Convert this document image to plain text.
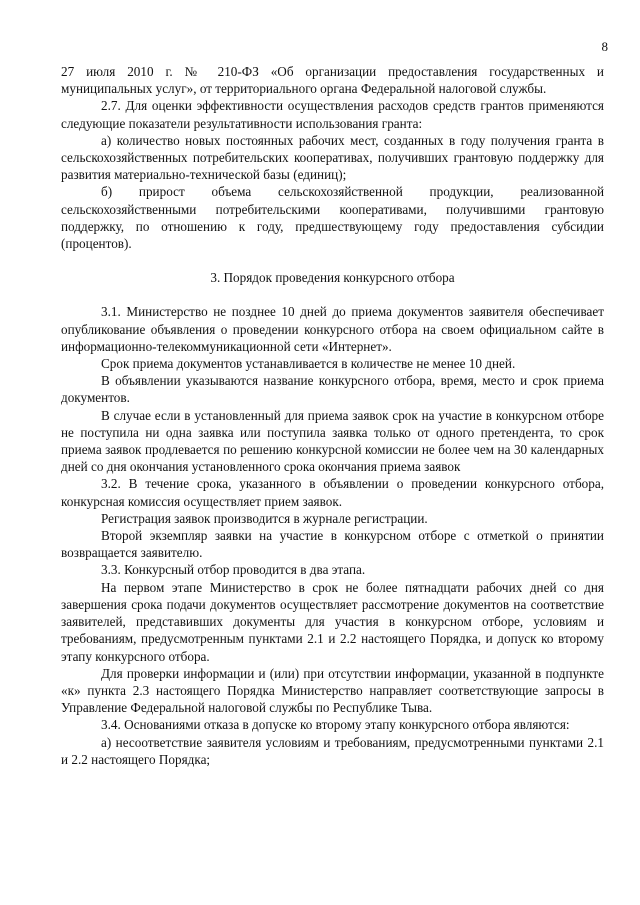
8

27 июля 2010 г. № 210-ФЗ «Об организации предоставления государственных и муниципальных услуг», от территориального органа Федеральной налоговой службы.

2.7. Для оценки эффективности осуществления расходов средств грантов применяются следующие показатели результативности использования гранта:

а) количество новых постоянных рабочих мест, созданных в году получения гранта в сельскохозяйственных потребительских кооперативах, получивших грантовую поддержку для развития материально-технической базы (единиц);

б) прирост объема сельскохозяйственной продукции, реализованной сельскохозяйственными потребительскими кооперативами, получившими грантовую поддержку, по отношению к году, предшествующему году предоставления субсидии (процентов).

3. Порядок проведения конкурсного отбора

3.1. Министерство не позднее 10 дней до приема документов заявителя обеспечивает опубликование объявления о проведении конкурсного отбора на своем официальном сайте в информационно-телекоммуникационной сети «Интернет».

Срок приема документов устанавливается в количестве не менее 10 дней.

В объявлении указываются название конкурсного отбора, время, место и срок приема документов.

В случае если в установленный для приема заявок срок на участие в конкурсном отборе не поступила ни одна заявка или поступила заявка только от одного претендента, то срок приема заявок продлевается по решению конкурсной комиссии не более чем на 30 календарных дней со дня окончания установленного срока окончания приема заявок

3.2. В течение срока, указанного в объявлении о проведении конкурсного отбора, конкурсная комиссия осуществляет прием заявок.

Регистрация заявок производится в журнале регистрации.

Второй экземпляр заявки на участие в конкурсном отборе с отметкой о принятии возвращается заявителю.

3.3. Конкурсный отбор проводится в два этапа.

На первом этапе Министерство в срок не более пятнадцати рабочих дней со дня завершения срока подачи документов осуществляет рассмотрение документов на соответствие заявителей, представивших документы для участия в конкурсном отборе, условиям и требованиям, предусмотренным пунктами 2.1 и 2.2 настоящего Порядка, и допуск ко второму этапу конкурсного отбора.

Для проверки информации и (или) при отсутствии информации, указанной в подпункте «к» пункта 2.3 настоящего Порядка Министерство направляет соответствующие запросы в Управление Федеральной налоговой службы по Республике Тыва.

3.4. Основаниями отказа в допуске ко второму этапу конкурсного отбора являются:

а) несоответствие заявителя условиям и требованиям, предусмотренными пунктами 2.1 и 2.2 настоящего Порядка;
